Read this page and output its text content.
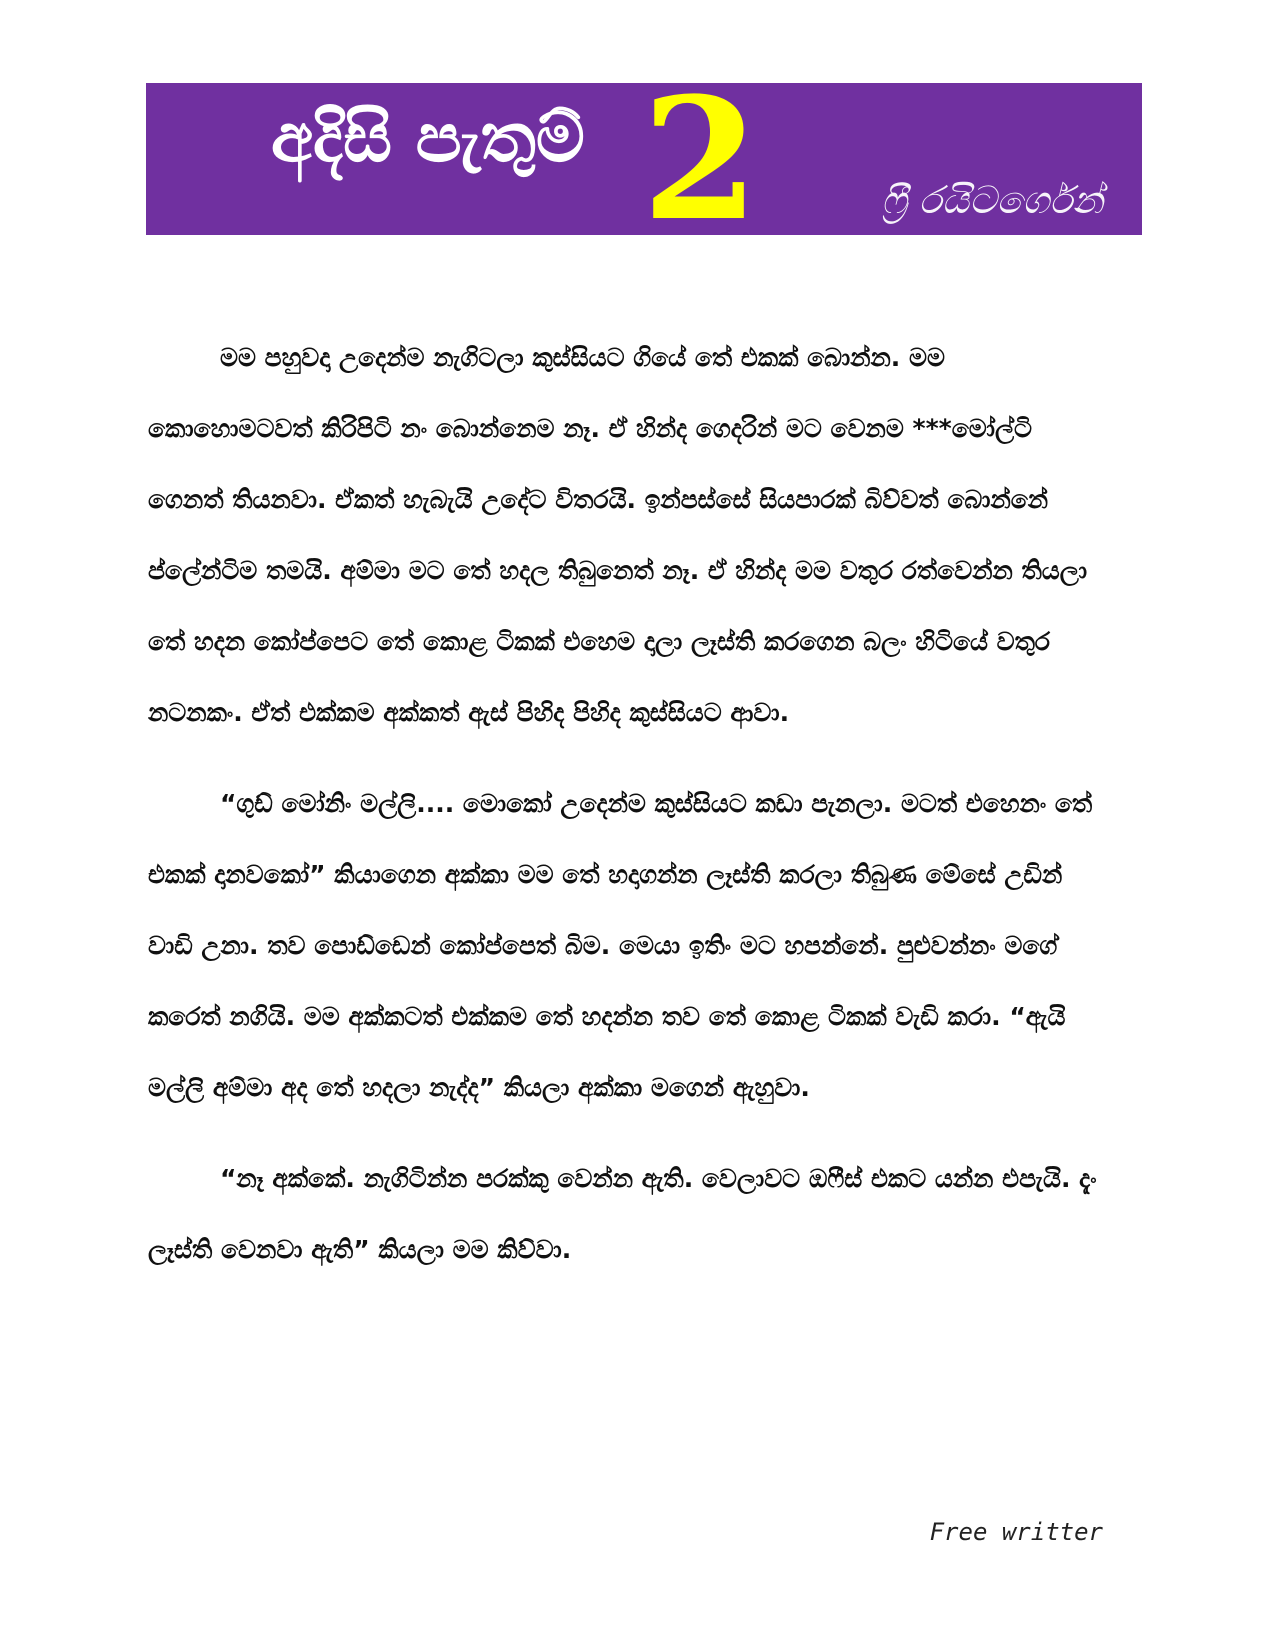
අදිසි පැතුම් 2	ෆ්‍රී රයිටර්ගෙන්

මම පහුවදා උදෙන්ම නැගිටලා කුස්සියට ගියේ තේ එකක් බොන්න. මම කොහොමටවත් කිරිපිටි නං බොන්නෙම නෑ. ඒ හින්ද ගෙදරින් මට වෙනම ***මෝල්ටි ගෙනත් තියනවා. ඒකත් හැබැයි උදේට විතරයි. ඉන්පස්සේ සියපාරක් බිව්වත් බොන්නේ ප්ලේන්ටිම තමයි. අම්මා මට තේ හදල තිබුනෙත් නෑ. ඒ හින්ද මම වතුර රත්වෙන්න තියලා තේ හදන කෝප්පෙට තේ කොළ ටිකක් එහෙම දාලා ලෑස්ති කරගෙන බලං හිටියේ වතුර නටනකං. ඒත් එක්කම අක්කත් ඇස් පිහිද පිහිද කුස්සියට ආවා.

“ගුඩ් මෝනිං මල්ලි.... මොකෝ උදෙන්ම කුස්සියට කඩා පැනලා. මටත් එහෙනං තේ එකක් දානවකෝ” කියාගෙන අක්කා මම තේ හදාගන්න ලෑස්ති කරලා තිබුණ මේසේ උඩින් වාඩි උනා. තව පොඩ්ඩෙන් කෝප්පෙත් බිම. මෙයා ඉතිං මට හපන්නේ. පුළුවන්නං මගේ කරෙත් නගියි. මම අක්කටත් එක්කම තේ හදන්න තව තේ කොළ ටිකක් වැඩි කරා. “ඇයි මල්ලි අම්මා අද තේ හදලා නැද්ද” කියලා අක්කා මගෙන් ඇහුවා.

“නෑ අක්කේ. නැගිටින්න පරක්කු වෙන්න ඇති. වෙලාවට ඔෆීස් එකට යන්න එපැයි. දැං ලෑස්ති වෙනවා ඇති” කියලා මම කිව්වා.

Free writter
